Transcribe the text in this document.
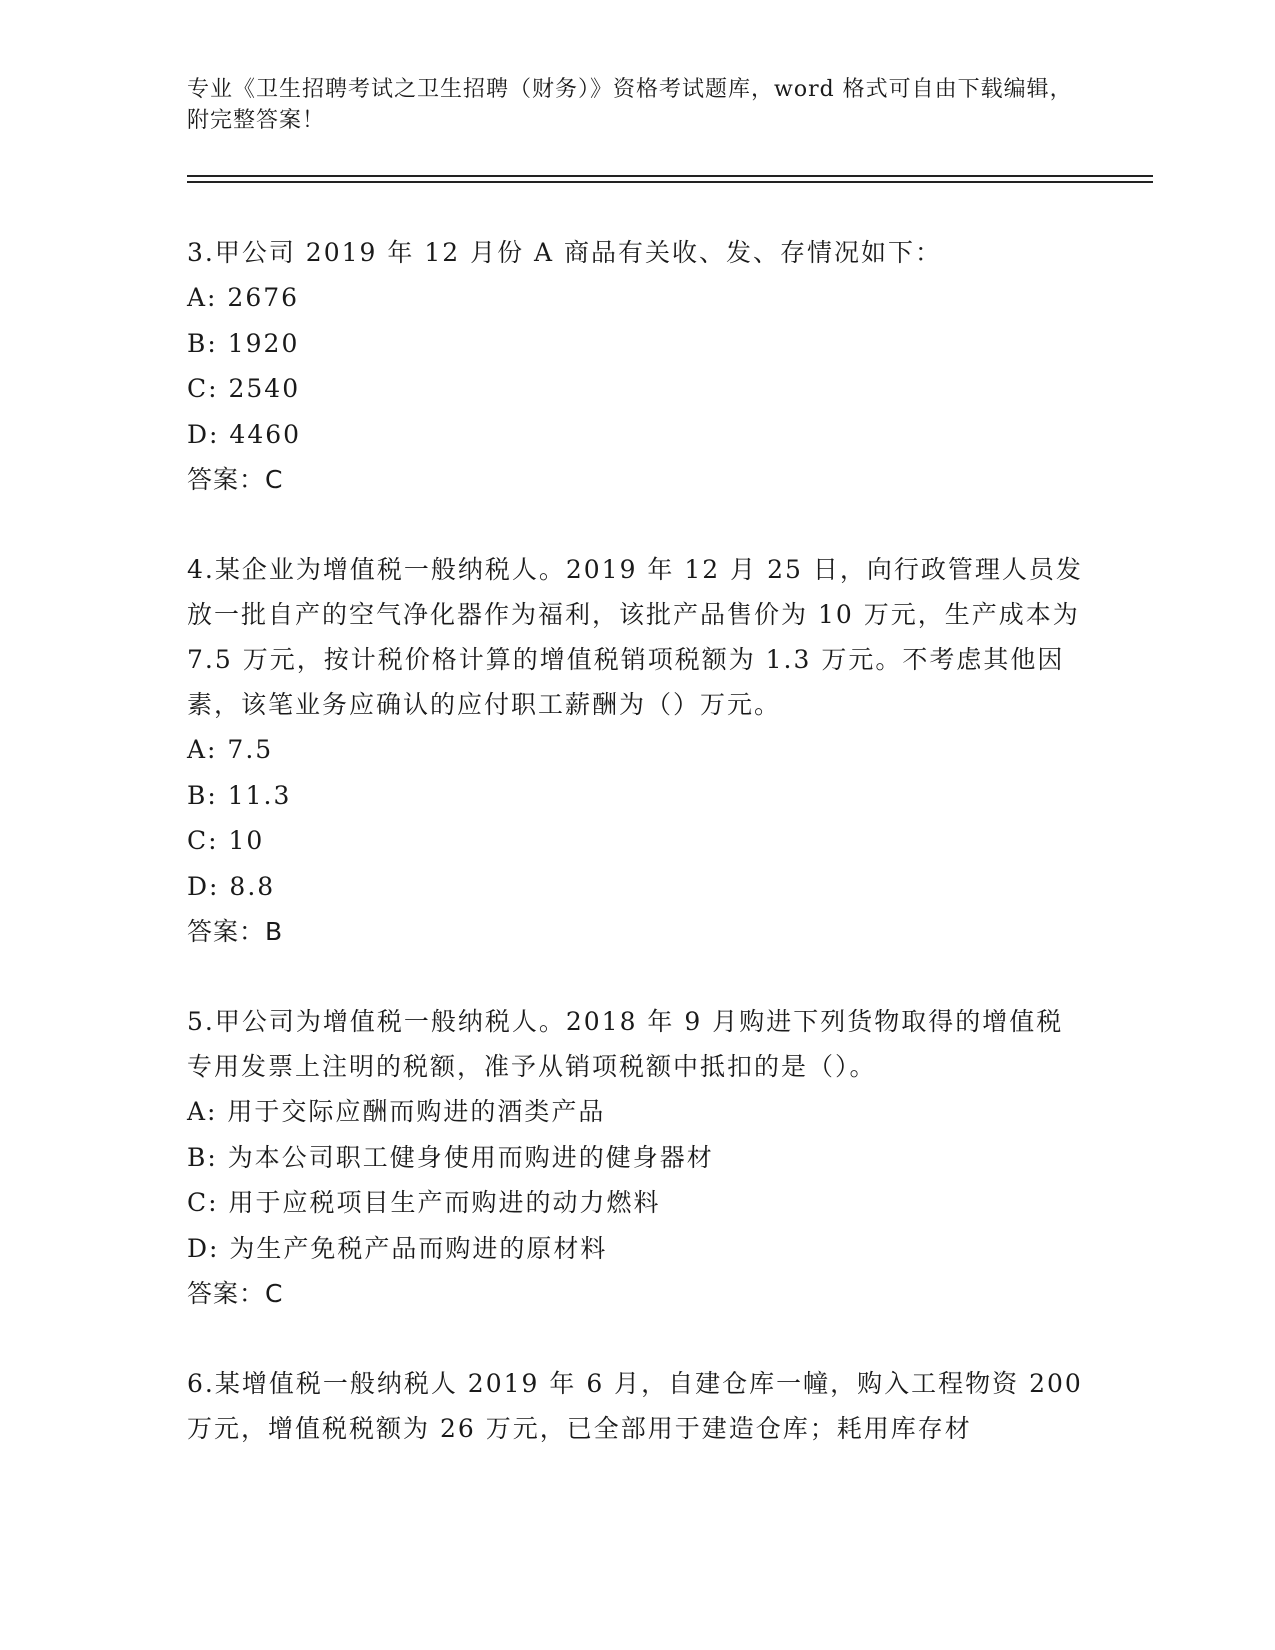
专业《卫生招聘考试之卫生招聘（财务）》资格考试题库，word 格式可自由下载编辑，附完整答案！

3.甲公司 2019 年 12 月份 A 商品有关收、发、存情况如下：

A: 2676

B: 1920

C: 2540

D: 4460

答案：C

4.某企业为增值税一般纳税人。2019 年 12 月 25 日，向行政管理人员发放一批自产的空气净化器作为福利，该批产品售价为 10 万元，生产成本为 7.5 万元，按计税价格计算的增值税销项税额为 1.3 万元。不考虑其他因素，该笔业务应确认的应付职工薪酬为（）万元。

A: 7.5

B: 11.3

C: 10

D: 8.8

答案：B

5.甲公司为增值税一般纳税人。2018 年 9 月购进下列货物取得的增值税专用发票上注明的税额，准予从销项税额中抵扣的是（）。

A: 用于交际应酬而购进的酒类产品

B: 为本公司职工健身使用而购进的健身器材

C: 用于应税项目生产而购进的动力燃料

D: 为生产免税产品而购进的原材料

答案：C

6.某增值税一般纳税人 2019 年 6 月，自建仓库一幢，购入工程物资 200 万元，增值税税额为 26 万元，已全部用于建造仓库；耗用库存材
